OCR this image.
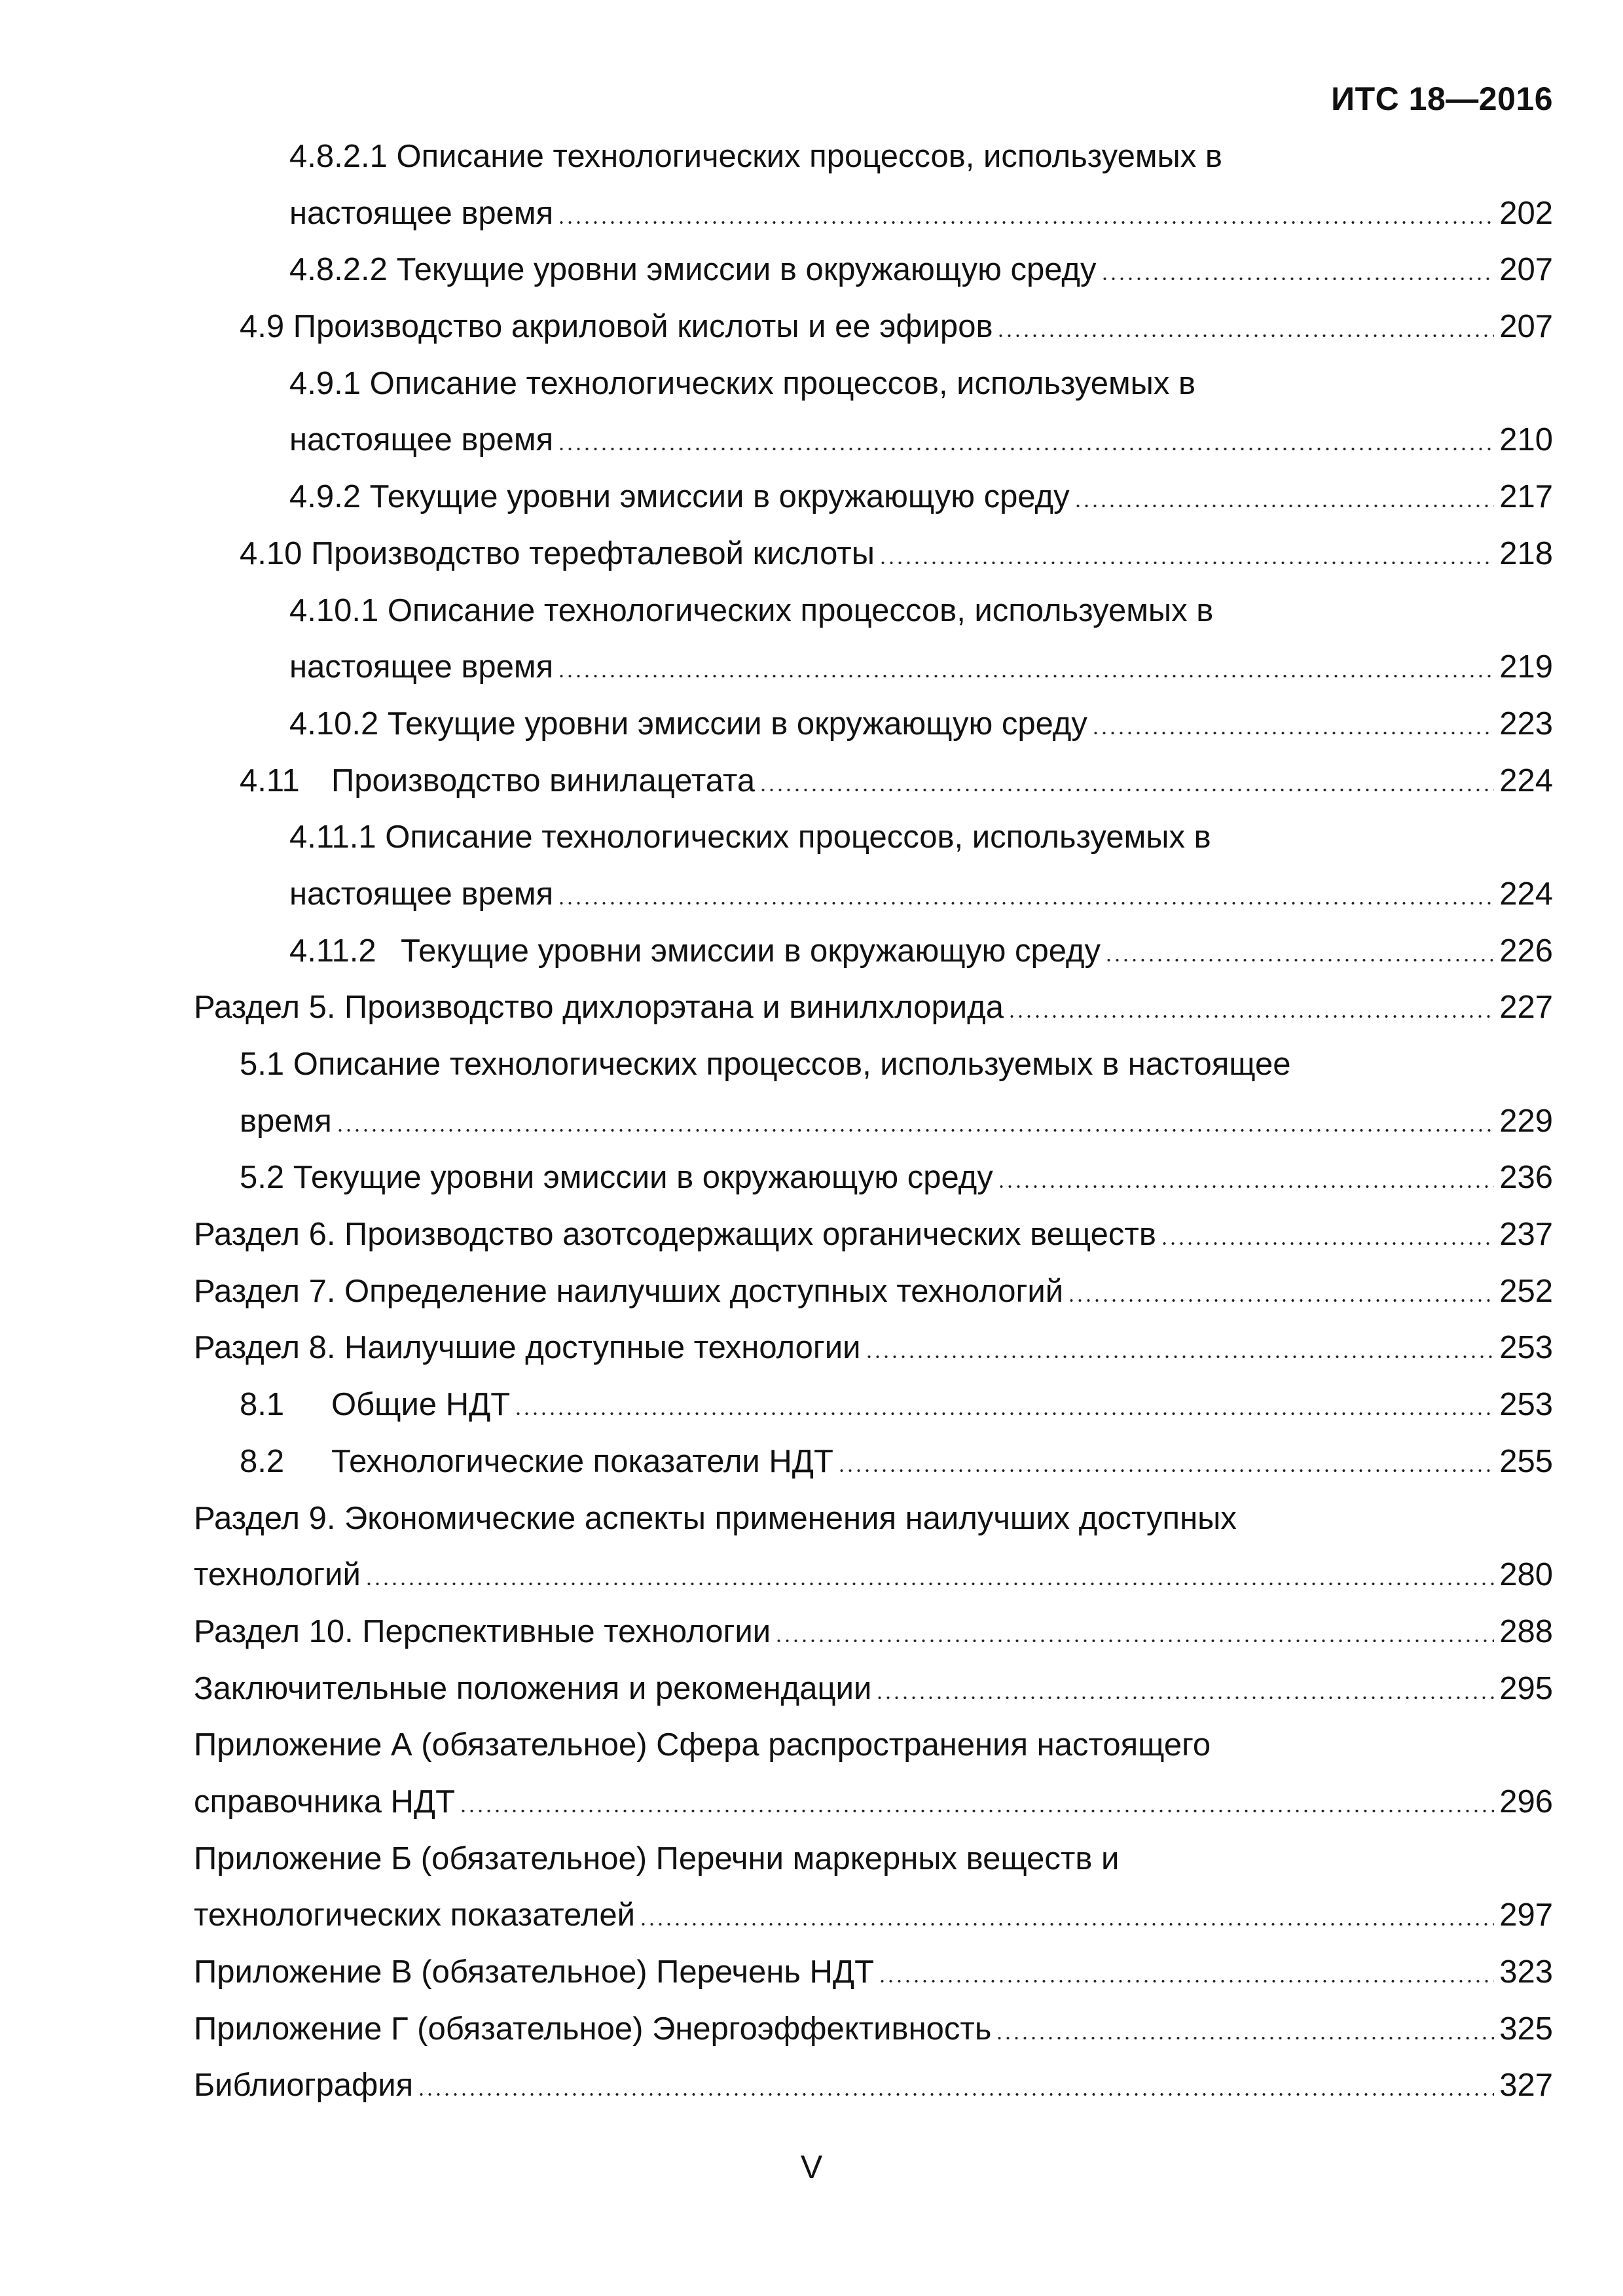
ИТС 18—2016
4.8.2.1 Описание технологических процессов, используемых в
настоящее время	202
4.8.2.2 Текущие уровни эмиссии в окружающую среду	207
4.9 Производство акриловой кислоты и ее эфиров	207
4.9.1 Описание технологических процессов, используемых в
настоящее время	210
4.9.2 Текущие уровни эмиссии в окружающую среду	217
4.10 Производство терефталевой кислоты	218
4.10.1 Описание технологических процессов, используемых в
настоящее время	219
4.10.2 Текущие уровни эмиссии в окружающую среду	223
4.11 Производство винилацетата	224
4.11.1 Описание технологических процессов, используемых в
настоящее время	224
4.11.2 Текущие уровни эмиссии в окружающую среду	226
Раздел 5. Производство дихлорэтана и винилхлорида	227
5.1 Описание технологических процессов, используемых в настоящее
время	229
5.2 Текущие уровни эмиссии в окружающую среду	236
Раздел 6. Производство азотсодержащих органических веществ	237
Раздел 7. Определение наилучших доступных технологий	252
Раздел 8. Наилучшие доступные технологии	253
8.1 Общие НДТ	253
8.2 Технологические показатели НДТ	255
Раздел 9. Экономические аспекты применения наилучших доступных
технологий	280
Раздел 10. Перспективные технологии	288
Заключительные положения и рекомендации	295
Приложение А (обязательное) Сфера распространения настоящего
справочника НДТ	296
Приложение Б (обязательное) Перечни маркерных веществ и
технологических показателей	297
Приложение В (обязательное) Перечень НДТ	323
Приложение Г (обязательное) Энергоэффективность	325
Библиография	327
V
